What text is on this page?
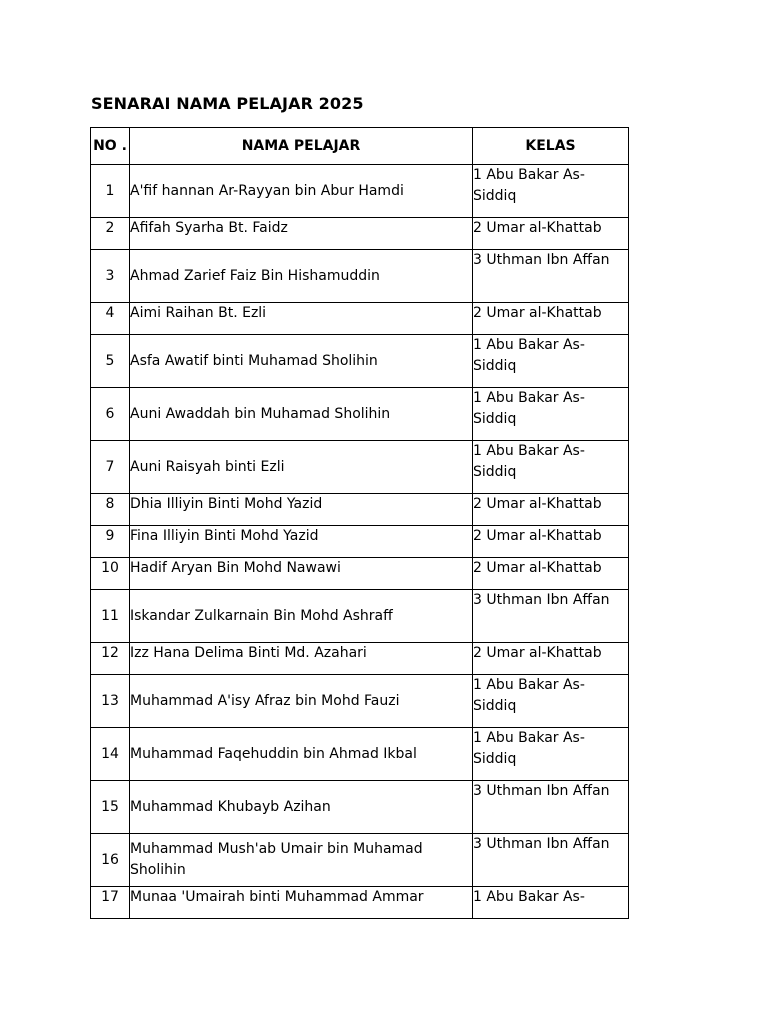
SENARAI NAMA PELAJAR 2025
NO .	NAMA PELAJAR	KELAS
1	A'fif hannan Ar-Rayyan bin Abur Hamdi	1 Abu Bakar As-Siddiq
2	Afifah Syarha Bt. Faidz	2 Umar al-Khattab
3	Ahmad Zarief Faiz Bin Hishamuddin	3 Uthman Ibn Affan
4	Aimi Raihan Bt. Ezli	2 Umar al-Khattab
5	Asfa Awatif binti Muhamad Sholihin	1 Abu Bakar As-Siddiq
6	Auni Awaddah bin Muhamad Sholihin	1 Abu Bakar As-Siddiq
7	Auni Raisyah binti Ezli	1 Abu Bakar As-Siddiq
8	Dhia Illiyin Binti Mohd Yazid	2 Umar al-Khattab
9	Fina Illiyin Binti Mohd Yazid	2 Umar al-Khattab
10	Hadif Aryan Bin Mohd Nawawi	2 Umar al-Khattab
11	Iskandar Zulkarnain Bin Mohd Ashraff	3 Uthman Ibn Affan
12	Izz Hana Delima Binti Md. Azahari	2 Umar al-Khattab
13	Muhammad A'isy Afraz bin Mohd Fauzi	1 Abu Bakar As-Siddiq
14	Muhammad Faqehuddin bin Ahmad Ikbal	1 Abu Bakar As-Siddiq
15	Muhammad Khubayb Azihan	3 Uthman Ibn Affan
16	Muhammad Mush'ab Umair bin Muhamad Sholihin	3 Uthman Ibn Affan
17	Munaa 'Umairah binti Muhammad Ammar	1 Abu Bakar As-
